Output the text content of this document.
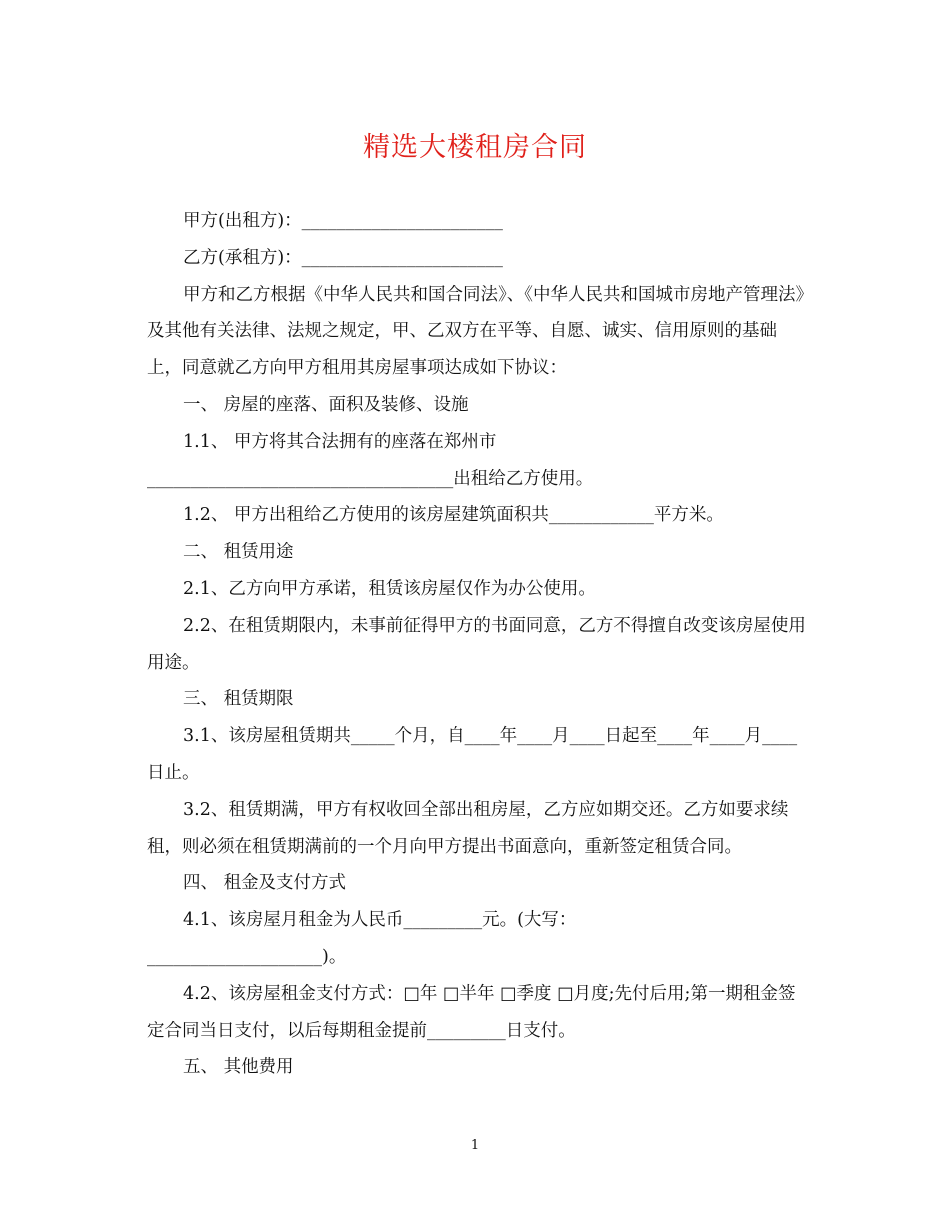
精选大楼租房合同

甲方(出租方)：_______________________

乙方(承租方)：_______________________

甲方和乙方根据《中华人民共和国合同法》、《中华人民共和国城市房地产管理法》及其他有关法律、法规之规定，甲、乙双方在平等、自愿、诚实、信用原则的基础上，同意就乙方向甲方租用其房屋事项达成如下协议：

一、 房屋的座落、面积及装修、设施

1.1、 甲方将其合法拥有的座落在郑州市

___________________________________出租给乙方使用。

1.2、 甲方出租给乙方使用的该房屋建筑面积共____________平方米。

二、 租赁用途

2.1、乙方向甲方承诺，租赁该房屋仅作为办公使用。

2.2、在租赁期限内，未事前征得甲方的书面同意，乙方不得擅自改变该房屋使用用途。

三、 租赁期限

3.1、该房屋租赁期共_____个月，自____年____月____日起至____年____月____日止。

3.2、租赁期满，甲方有权收回全部出租房屋，乙方应如期交还。乙方如要求续租，则必须在租赁期满前的一个月向甲方提出书面意向，重新签定租赁合同。

四、 租金及支付方式

4.1、该房屋月租金为人民币_________元。(大写：

____________________)。

4.2、该房屋租金支付方式：□年 □半年 □季度 □月度;先付后用;第一期租金签定合同当日支付，以后每期租金提前_________日支付。

五、 其他费用

1
